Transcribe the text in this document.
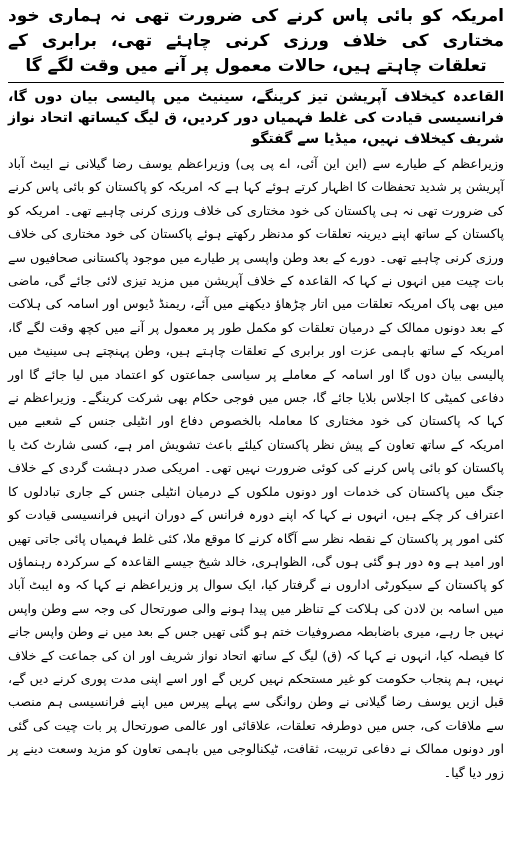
امریکہ کو بائی پاس کرنے کی ضرورت تھی نہ ہماری خود مختاری کی خلاف ورزی کرنی چاہئے تھی، برابری کے تعلقات چاہتے ہیں، حالات معمول پر آنے میں وقت لگے گا
القاعدہ کیخلاف آپریشن تیز کرینگے، سینیٹ میں پالیسی بیان دوں گا، فرانسیسی قیادت کی غلط فہمیاں دور کردیں، ق لیگ کیساتھ اتحاد نواز شریف کیخلاف نہیں، میڈیا سے گفتگو

وزیراعظم کے طیارے سے (این این آئی، اے پی پی) وزیراعظم یوسف رضا گیلانی نے ایبٹ آباد آپریشن پر شدید تحفظات کا اظہار کرتے ہوئے کہا ہے کہ امریکہ کو پاکستان کو بائی پاس کرنے کی ضرورت تھی نہ ہی پاکستان کی خود مختاری کی خلاف ورزی کرنی چاہیے تھی۔ امریکہ کو پاکستان کے ساتھ اپنے دیرینہ تعلقات کو مدنظر رکھتے ہوئے پاکستان کی خود مختاری کی خلاف ورزی کرنی چاہیے تھی۔ دورے کے بعد وطن واپسی پر طیارے میں موجود پاکستانی صحافیوں سے بات چیت میں انہوں نے کہا کہ القاعدہ کے خلاف آپریشن میں مزید تیزی لائی جائے گی، ماضی میں بھی پاک امریکہ تعلقات میں اتار چڑھاؤ دیکھنے میں آئے، ریمنڈ ڈیوس اور اسامہ کی ہلاکت کے بعد دونوں ممالک کے درمیان تعلقات کو مکمل طور پر معمول پر آنے میں کچھ وقت لگے گا، امریکہ کے ساتھ باہمی عزت اور برابری کے تعلقات چاہتے ہیں، وطن پہنچتے ہی سینیٹ میں پالیسی بیان دوں گا اور اسامہ کے معاملے پر سیاسی جماعتوں کو اعتماد میں لیا جائے گا اور دفاعی کمیٹی کا اجلاس بلایا جائے گا، جس میں فوجی حکام بھی شرکت کرینگے۔ وزیراعظم نے کہا کہ پاکستان کی خود مختاری کا معاملہ بالخصوص دفاع اور انٹیلی جنس کے شعبے میں امریکہ کے ساتھ تعاون کے پیش نظر پاکستان کیلئے باعث تشویش امر ہے، کسی شارٹ کٹ یا پاکستان کو بائی پاس کرنے کی کوئی ضرورت نہیں تھی۔ امریکی صدر دہشت گردی کے خلاف جنگ میں پاکستان کی خدمات اور دونوں ملکوں کے درمیان انٹیلی جنس کے جاری تبادلوں کا اعتراف کر چکے ہیں، انہوں نے کہا کہ اپنے دورہ فرانس کے دوران انہیں فرانسیسی قیادت کو کئی امور پر پاکستان کے نقطہ نظر سے آگاہ کرنے کا موقع ملا، کئی غلط فہمیاں پائی جاتی تھیں اور امید ہے وہ دور ہو گئی ہوں گی، الظواہری، خالد شیخ جیسے القاعدہ کے سرکردہ رہنماؤں کو پاکستان کے سیکورٹی اداروں نے گرفتار کیا، ایک سوال پر وزیراعظم نے کہا کہ وہ ایبٹ آباد میں اسامہ بن لادن کی ہلاکت کے تناظر میں پیدا ہونے والی صورتحال کی وجہ سے وطن واپس نہیں جا رہے، میری باضابطہ مصروفیات ختم ہو گئی تھیں جس کے بعد میں نے وطن واپس جانے کا فیصلہ کیا، انہوں نے کہا کہ (ق) لیگ کے ساتھ اتحاد نواز شریف اور ان کی جماعت کے خلاف نہیں، ہم پنجاب حکومت کو غیر مستحکم نہیں کریں گے اور اسے اپنی مدت پوری کرنے دیں گے، قبل ازیں یوسف رضا گیلانی نے وطن روانگی سے پہلے پیرس میں اپنے فرانسیسی ہم منصب سے ملاقات کی، جس میں دوطرفہ تعلقات، علاقائی اور عالمی صورتحال پر بات چیت کی گئی اور دونوں ممالک نے دفاعی تربیت، ثقافت، ٹیکنالوجی میں باہمی تعاون کو مزید وسعت دینے پر زور دیا گیا۔
